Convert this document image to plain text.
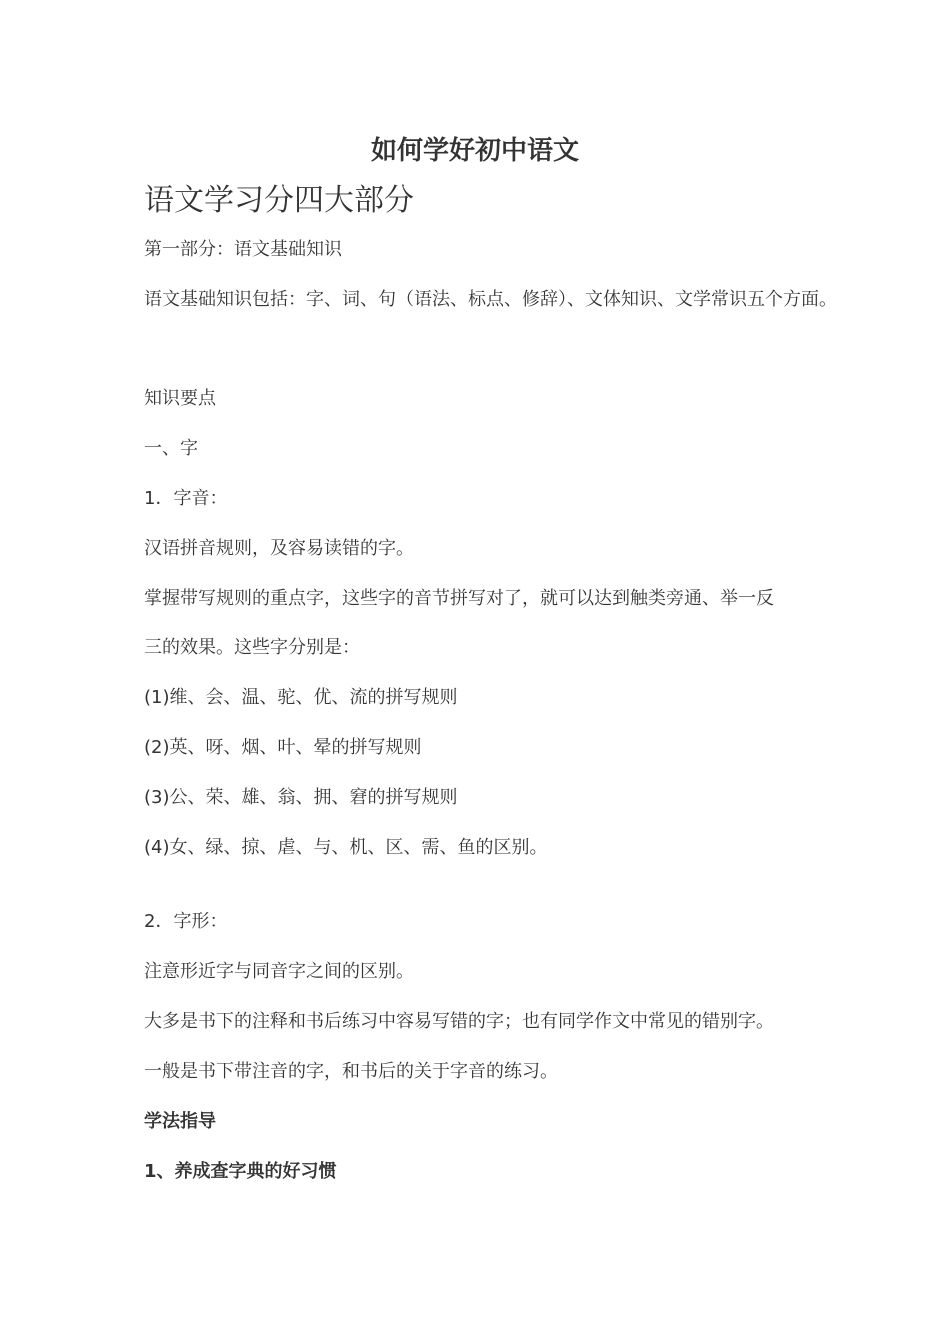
如何学好初中语文
语文学习分四大部分
第一部分：语文基础知识
语文基础知识包括：字、词、句（语法、标点、修辞）、文体知识、文学常识五个方面。
知识要点
一、字
1．字音：
汉语拼音规则，及容易读错的字。
掌握带写规则的重点字，这些字的音节拼写对了，就可以达到触类旁通、举一反
三的效果。这些字分别是：
(1)维、会、温、驼、优、流的拼写规则
(2)英、呀、烟、叶、晕的拼写规则
(3)公、荣、雄、翁、拥、窘的拼写规则
(4)女、绿、掠、虐、与、机、区、需、鱼的区别。
2．字形：
注意形近字与同音字之间的区别。
大多是书下的注释和书后练习中容易写错的字；也有同学作文中常见的错别字。
一般是书下带注音的字，和书后的关于字音的练习。
学法指导
1、养成查字典的好习惯
